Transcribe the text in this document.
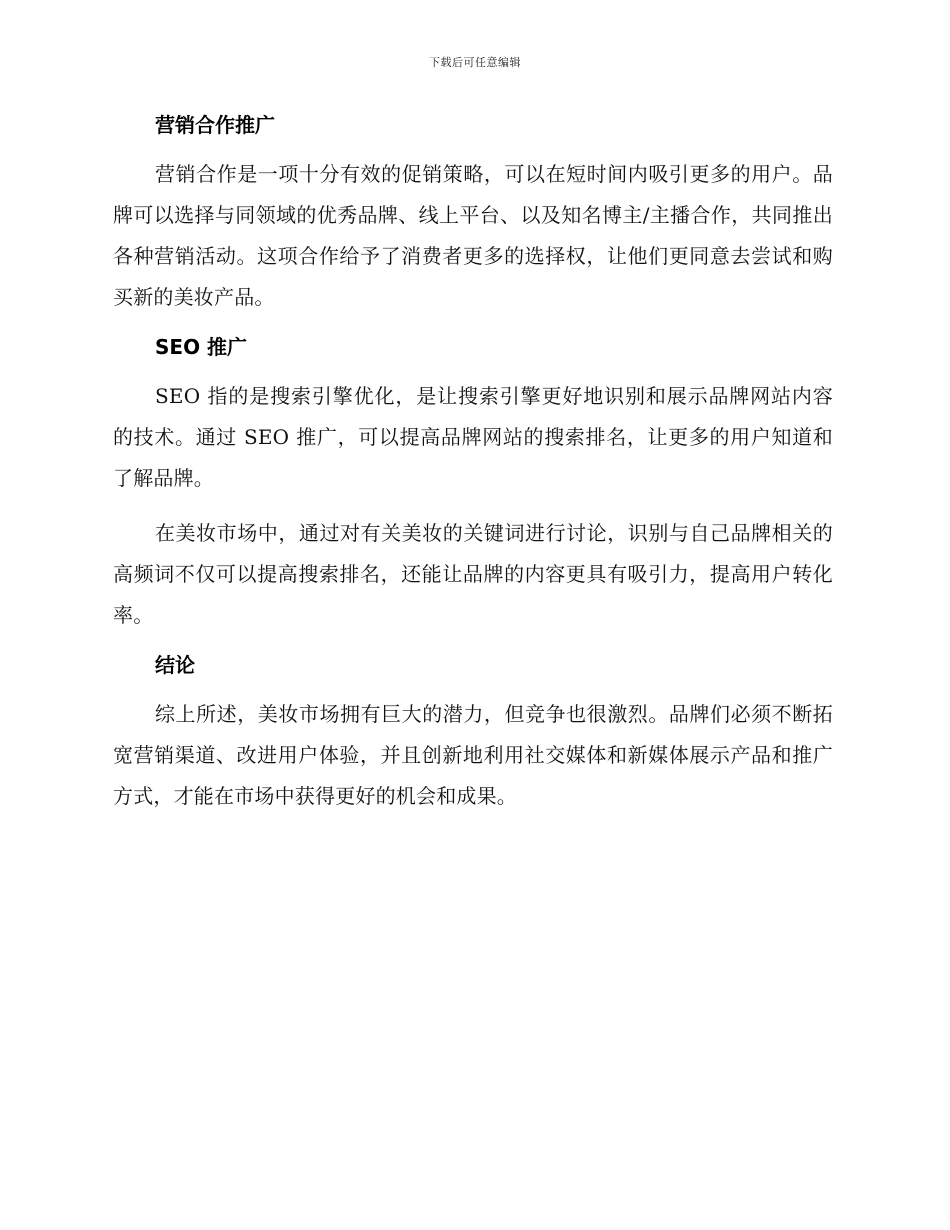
下载后可任意编辑
营销合作推广

营销合作是一项十分有效的促销策略，可以在短时间内吸引更多的用户。品牌可以选择与同领域的优秀品牌、线上平台、以及知名博主/主播合作，共同推出各种营销活动。这项合作给予了消费者更多的选择权，让他们更同意去尝试和购买新的美妆产品。

SEO 推广

SEO 指的是搜索引擎优化，是让搜索引擎更好地识别和展示品牌网站内容的技术。通过 SEO 推广，可以提高品牌网站的搜索排名，让更多的用户知道和了解品牌。

在美妆市场中，通过对有关美妆的关键词进行讨论，识别与自己品牌相关的高频词不仅可以提高搜索排名，还能让品牌的内容更具有吸引力，提高用户转化率。

结论

综上所述，美妆市场拥有巨大的潜力，但竞争也很激烈。品牌们必须不断拓宽营销渠道、改进用户体验，并且创新地利用社交媒体和新媒体展示产品和推广方式，才能在市场中获得更好的机会和成果。
